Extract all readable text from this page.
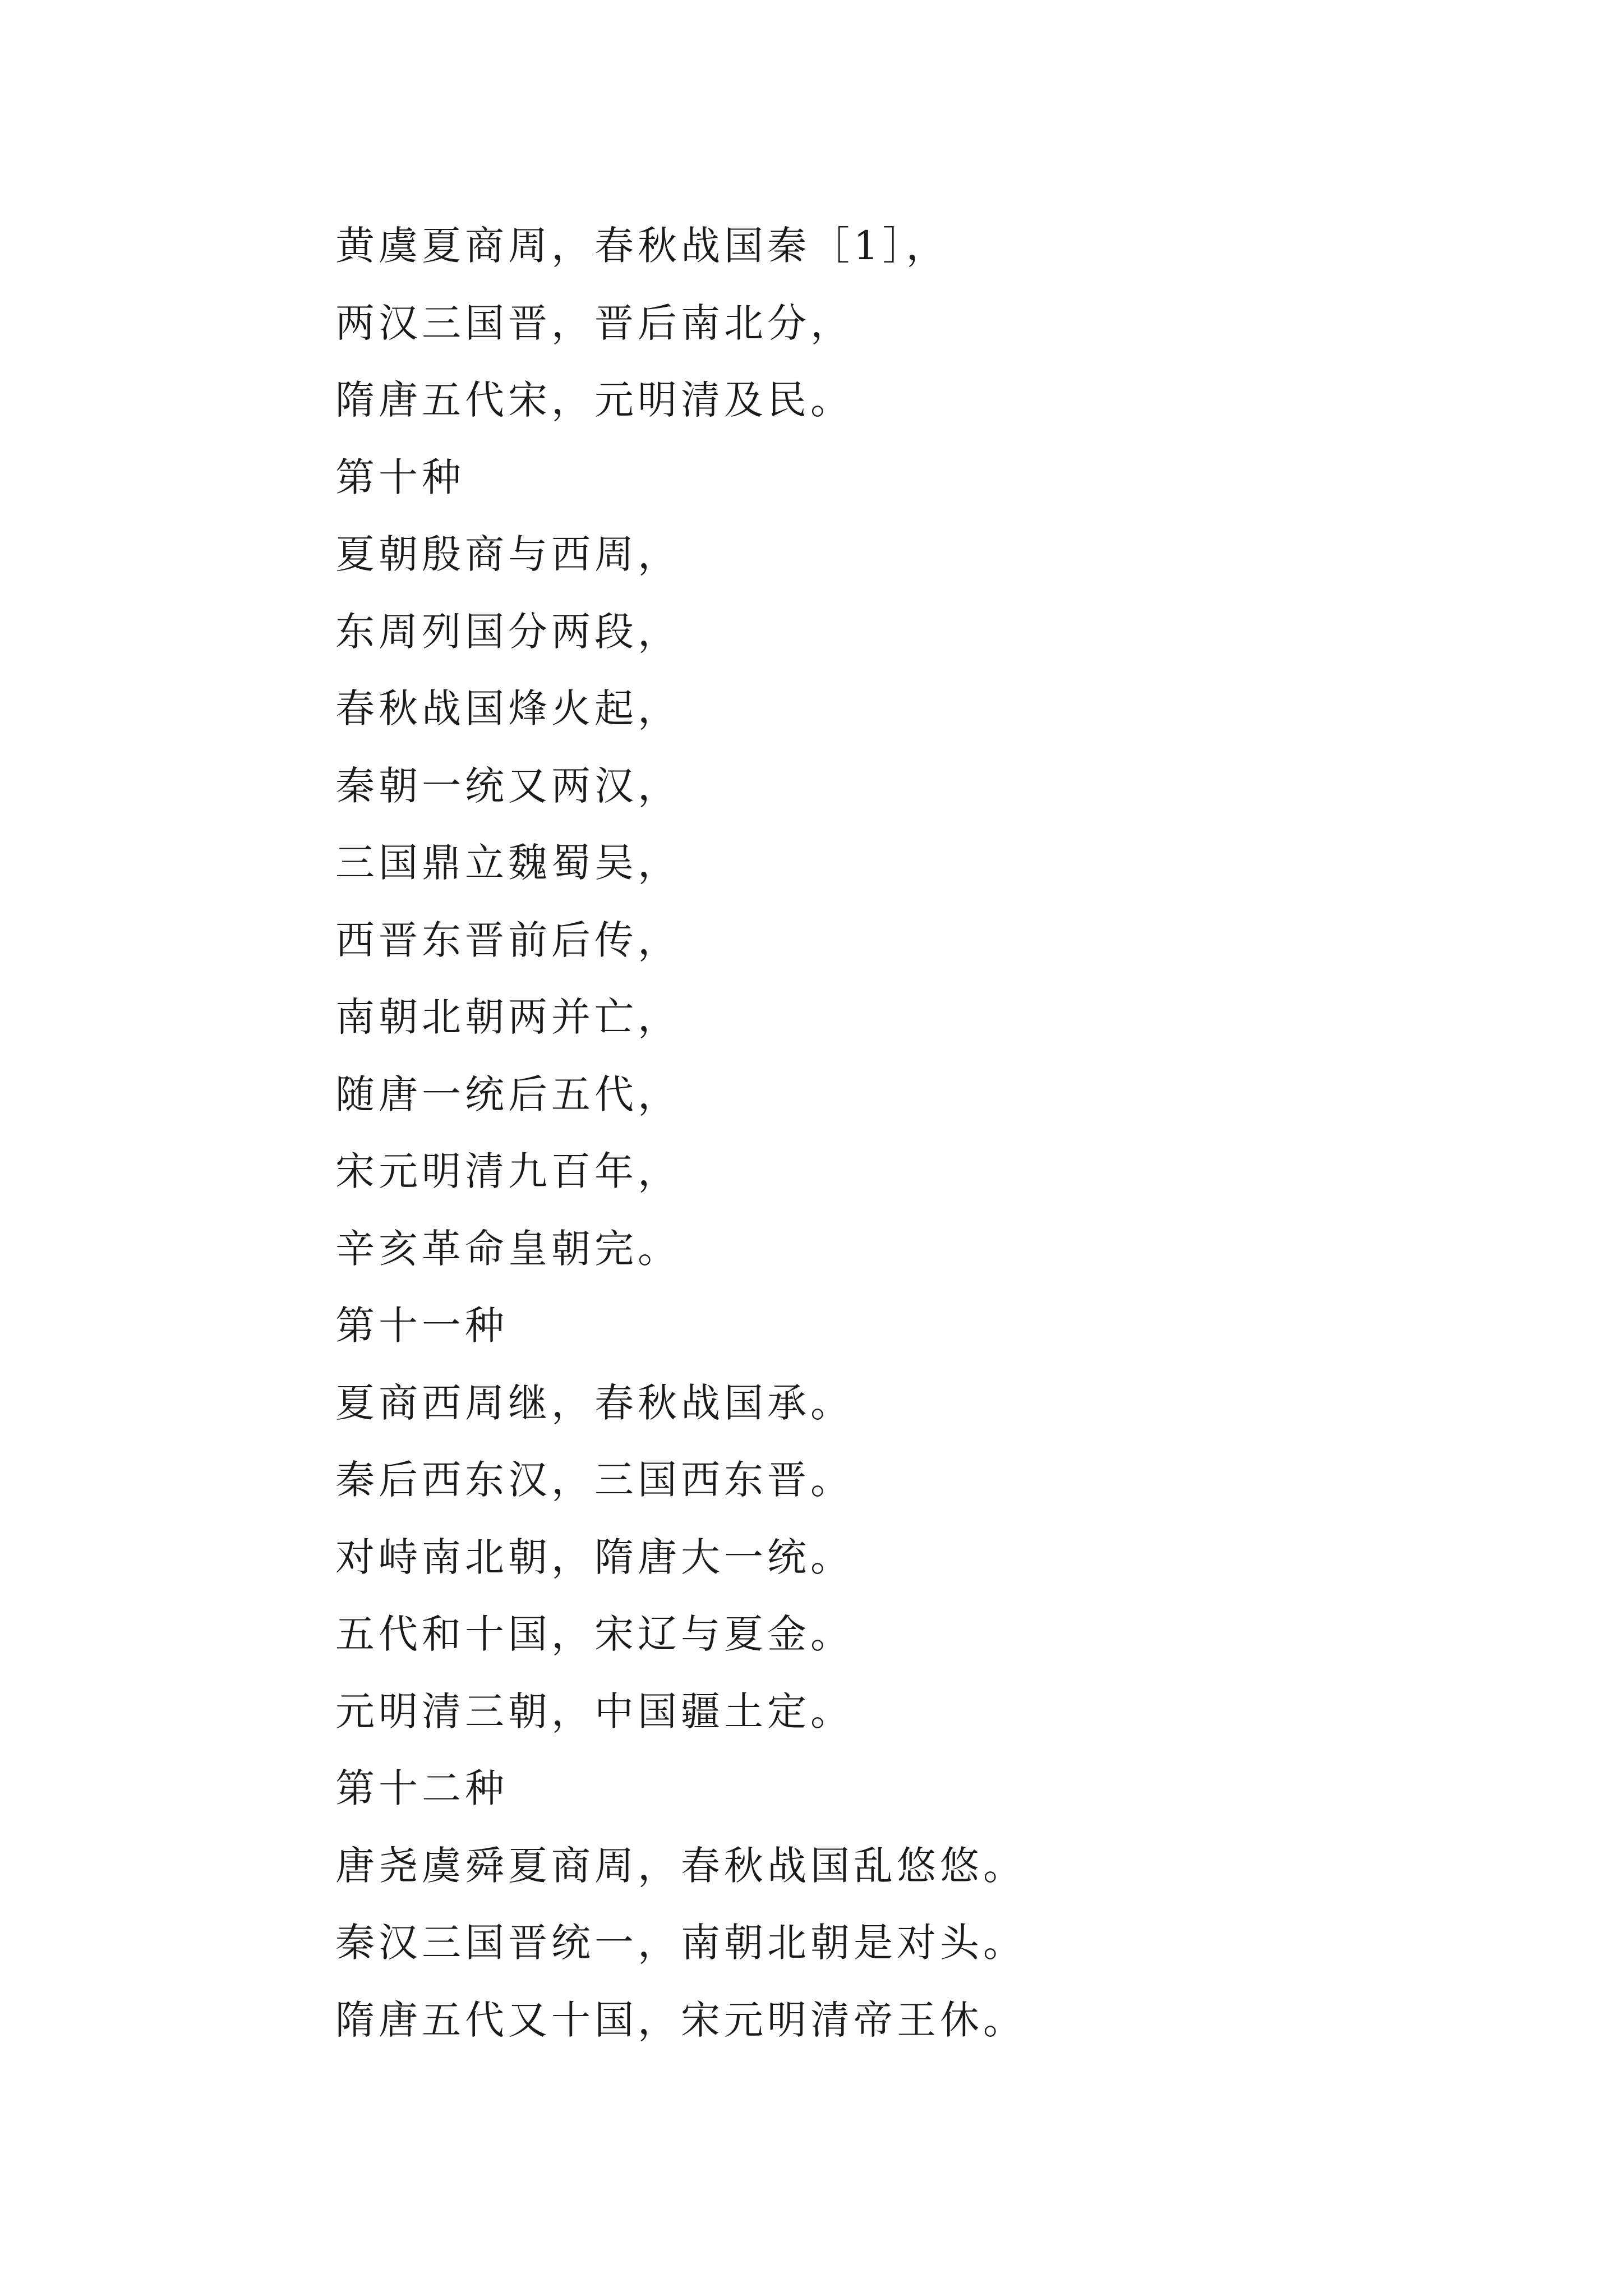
黄虞夏商周，春秋战国秦［1］，
两汉三国晋，晋后南北分，
隋唐五代宋，元明清及民。
第十种
夏朝殷商与西周，
东周列国分两段，
春秋战国烽火起，
秦朝一统又两汉，
三国鼎立魏蜀吴，
西晋东晋前后传，
南朝北朝两并亡，
随唐一统后五代，
宋元明清九百年，
辛亥革命皇朝完。
第十一种
夏商西周继，春秋战国承。
秦后西东汉，三国西东晋。
对峙南北朝，隋唐大一统。
五代和十国，宋辽与夏金。
元明清三朝，中国疆土定。
第十二种
唐尧虞舜夏商周，春秋战国乱悠悠。
秦汉三国晋统一，南朝北朝是对头。
隋唐五代又十国，宋元明清帝王休。
